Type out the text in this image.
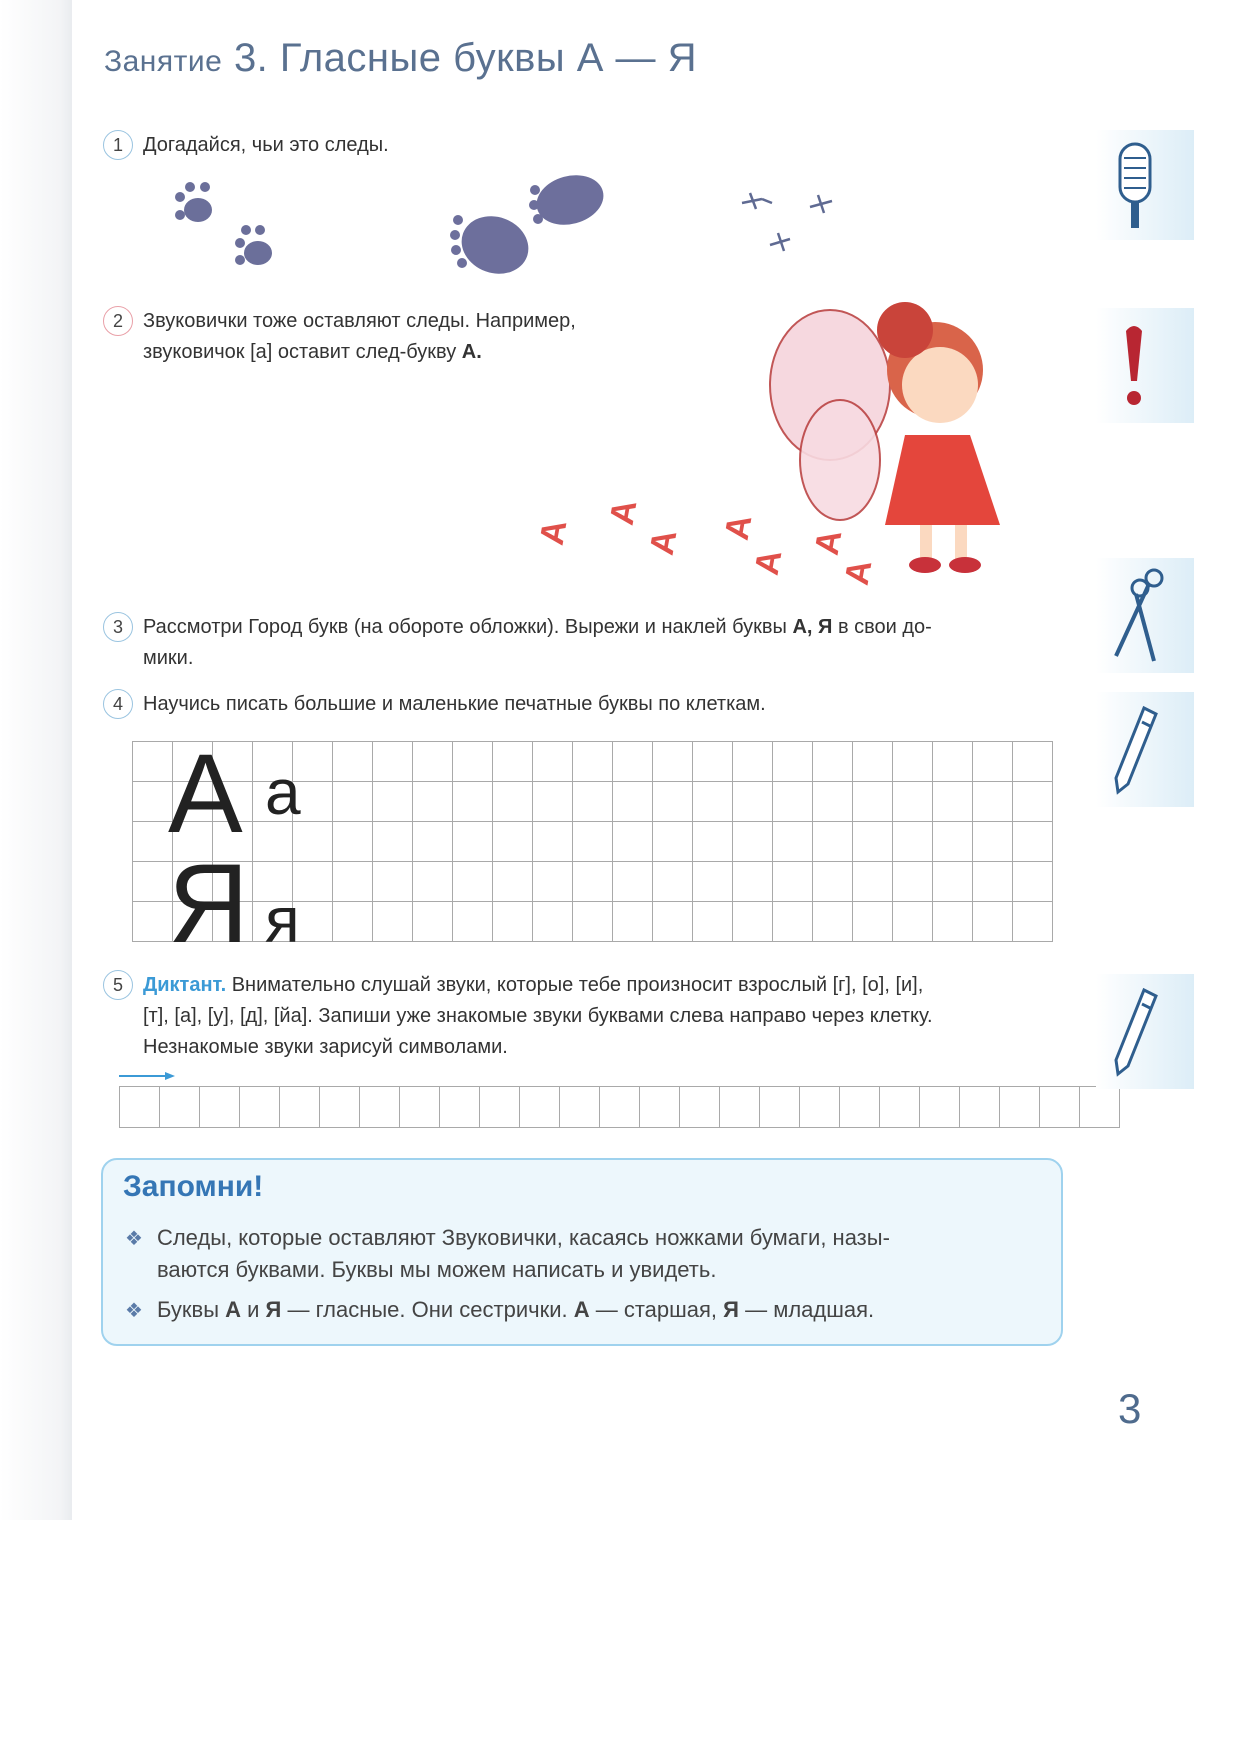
Занятие 3. Гласные буквы А — Я
1	Догадайся, чьи это следы.
2	Звуковички тоже оставляют следы. Например,
звуковичок [а] оставит след-букву А.
А
А
А А
А
А
А
3	Рассмотри Город букв (на обороте обложки). Вырежи и наклей буквы А, Я в свои до-
мики.
4	Научись писать большие и маленькие печатные буквы по клеткам.

А а
Я я
5	Диктант. Внимательно слушай звуки, которые тебе произносит взрослый [г], [о], [и],
[т], [а], [у], [д], [йа]. Запиши уже знакомые звуки буквами слева направо через клетку.
Незнакомые звуки зарисуй символами.

Запомни!
❖ Следы, которые оставляют Звуковички, касаясь ножками бумаги, назы-
ваются буквами. Буквы мы можем написать и увидеть.
❖ Буквы А и Я — гласные. Они сестрички. А — старшая, Я — младшая.
3
